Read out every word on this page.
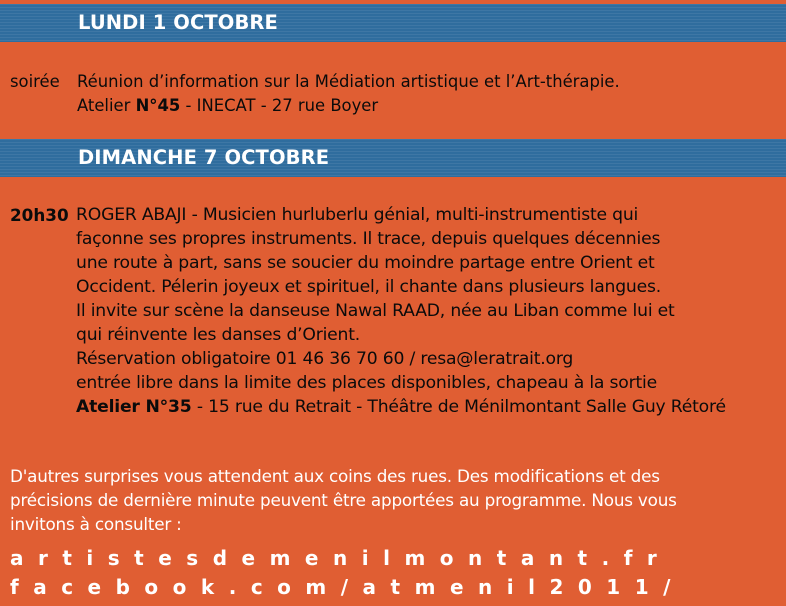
LUNDI 1 OCTOBRE
soirée Réunion d’information sur la Médiation artistique et l’Art-thérapie.
Atelier N°45 - INECAT - 27 rue Boyer
DIMANCHE 7 OCTOBRE
20h30 ROGER ABAJI - Musicien hurluberlu génial, multi-instrumentiste qui
façonne ses propres instruments. Il trace, depuis quelques décennies
une route à part, sans se soucier du moindre partage entre Orient et
Occident. Pélerin joyeux et spirituel, il chante dans plusieurs langues.
Il invite sur scène la danseuse Nawal RAAD, née au Liban comme lui et
qui réinvente les danses d’Orient.
Réservation obligatoire 01 46 36 70 60 / resa@leratrait.org
entrée libre dans la limite des places disponibles, chapeau à la sortie
Atelier N°35 - 15 rue du Retrait - Théâtre de Ménilmontant Salle Guy Rétoré
D'autres surprises vous attendent aux coins des rues. Des modifications et des
précisions de dernière minute peuvent être apportées au programme. Nous vous
invitons à consulter :
artistesdemenilmontant.fr
facebook.com/atmenil2011/
